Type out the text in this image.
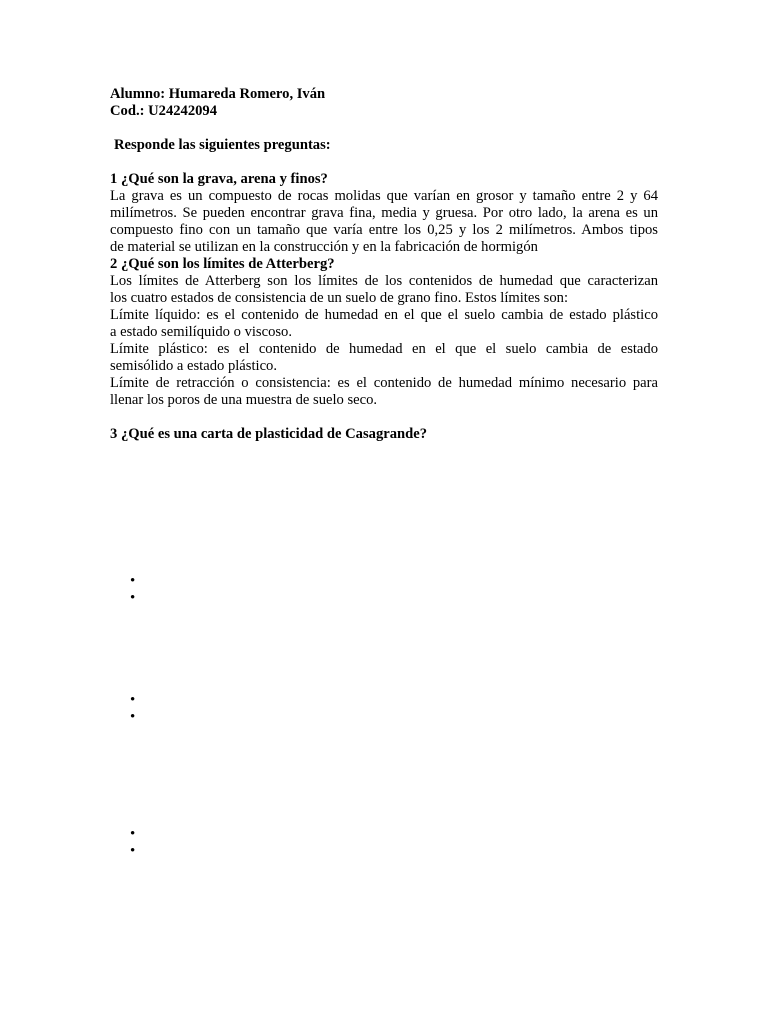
Alumno: Humareda Romero, Iván
Cod.: U24242094
Responde las siguientes preguntas:
1 ¿Qué son la grava, arena y finos?
La grava es un compuesto de rocas molidas que varían en grosor y tamaño entre 2 y 64
milímetros. Se pueden encontrar grava fina, media y gruesa. Por otro lado, la arena es un
compuesto fino con un tamaño que varía entre los 0,25 y los 2 milímetros. Ambos tipos
de material se utilizan en la construcción y en la fabricación de hormigón
2 ¿Qué son los límites de Atterberg?
Los límites de Atterberg son los límites de los contenidos de humedad que caracterizan
los cuatro estados de consistencia de un suelo de grano fino. Estos límites son:
Límite líquido: es el contenido de humedad en el que el suelo cambia de estado plástico
a estado semilíquido o viscoso.
Límite plástico: es el contenido de humedad en el que el suelo cambia de estado
semisólido a estado plástico.
Límite de retracción o consistencia: es el contenido de humedad mínimo necesario para
llenar los poros de una muestra de suelo seco.
3 ¿Qué es una carta de plasticidad de Casagrande?
•
•
•
•
•
•
